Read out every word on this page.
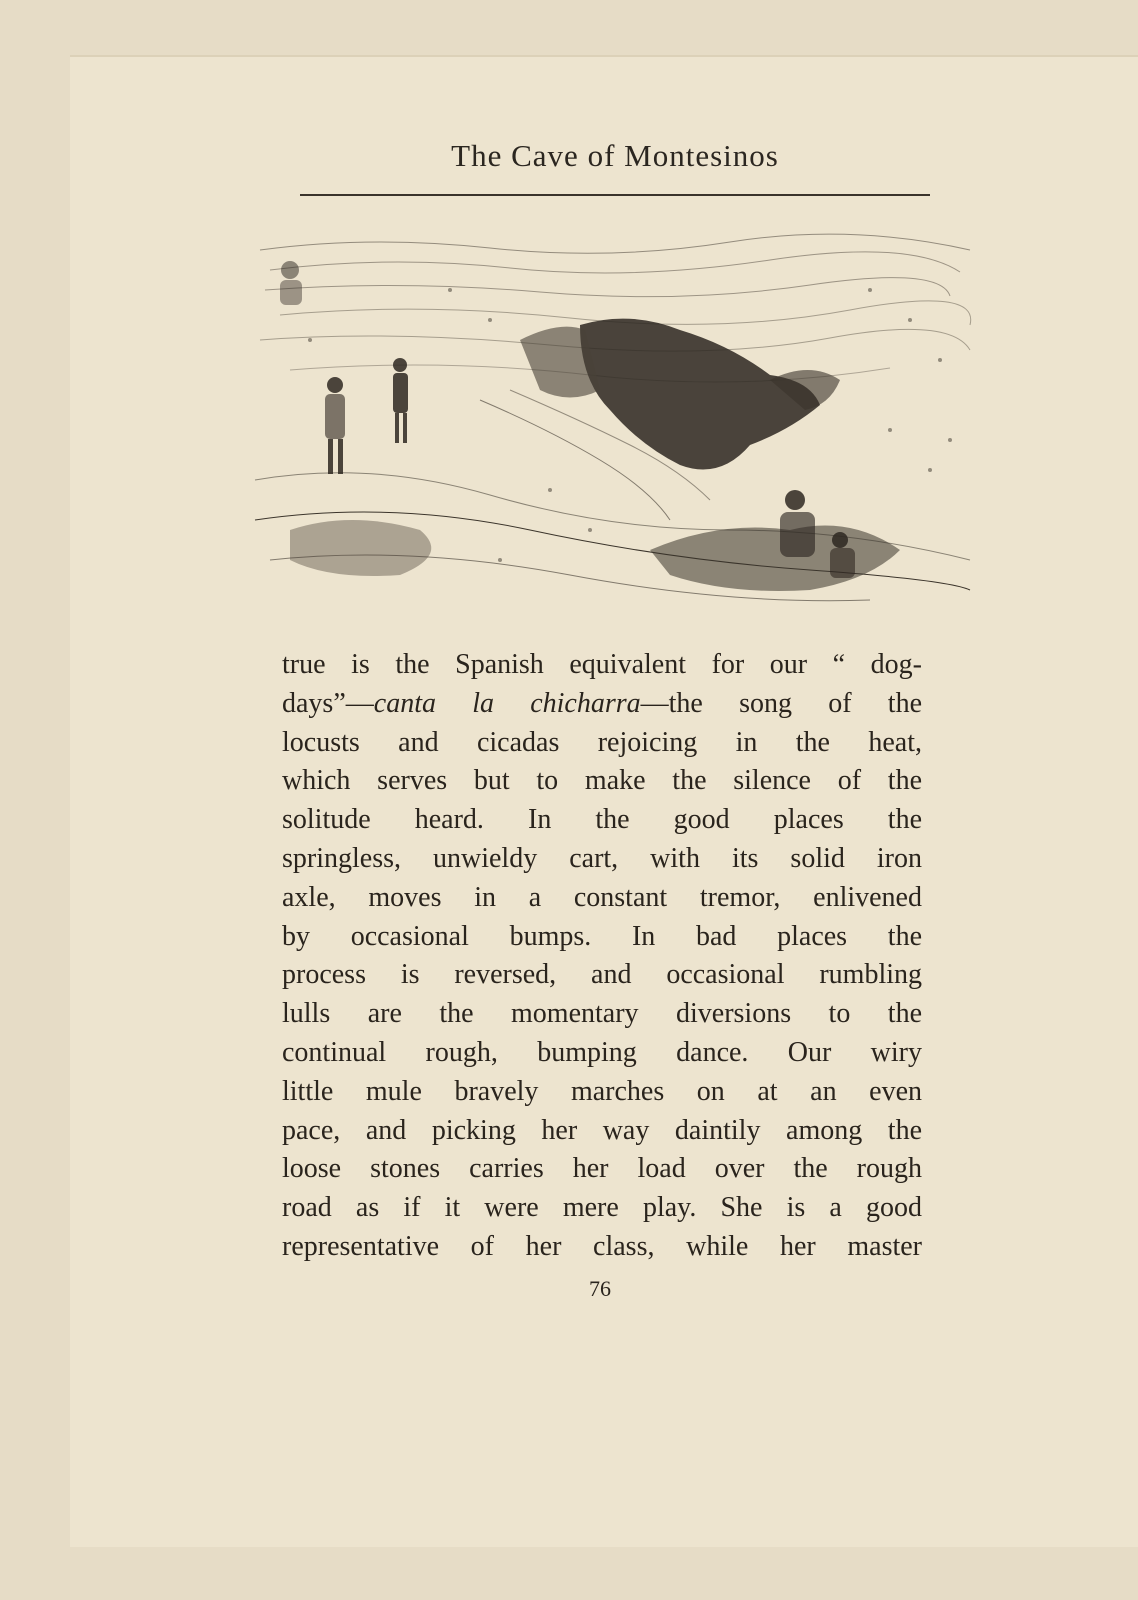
The Cave of Montesinos
true is the Spanish equivalent for our “ dog-
days”—canta la chicharra—the song of the
locusts and cicadas rejoicing in the heat,
which serves but to make the silence of the
solitude heard. In the good places the
springless, unwieldy cart, with its solid iron
axle, moves in a constant tremor, enlivened
by occasional bumps. In bad places the
process is reversed, and occasional rumbling
lulls are the momentary diversions to the
continual rough, bumping dance. Our wiry
little mule bravely marches on at an even
pace, and picking her way daintily among the
loose stones carries her load over the rough
road as if it were mere play. She is a good
representative of her class, while her master
76
